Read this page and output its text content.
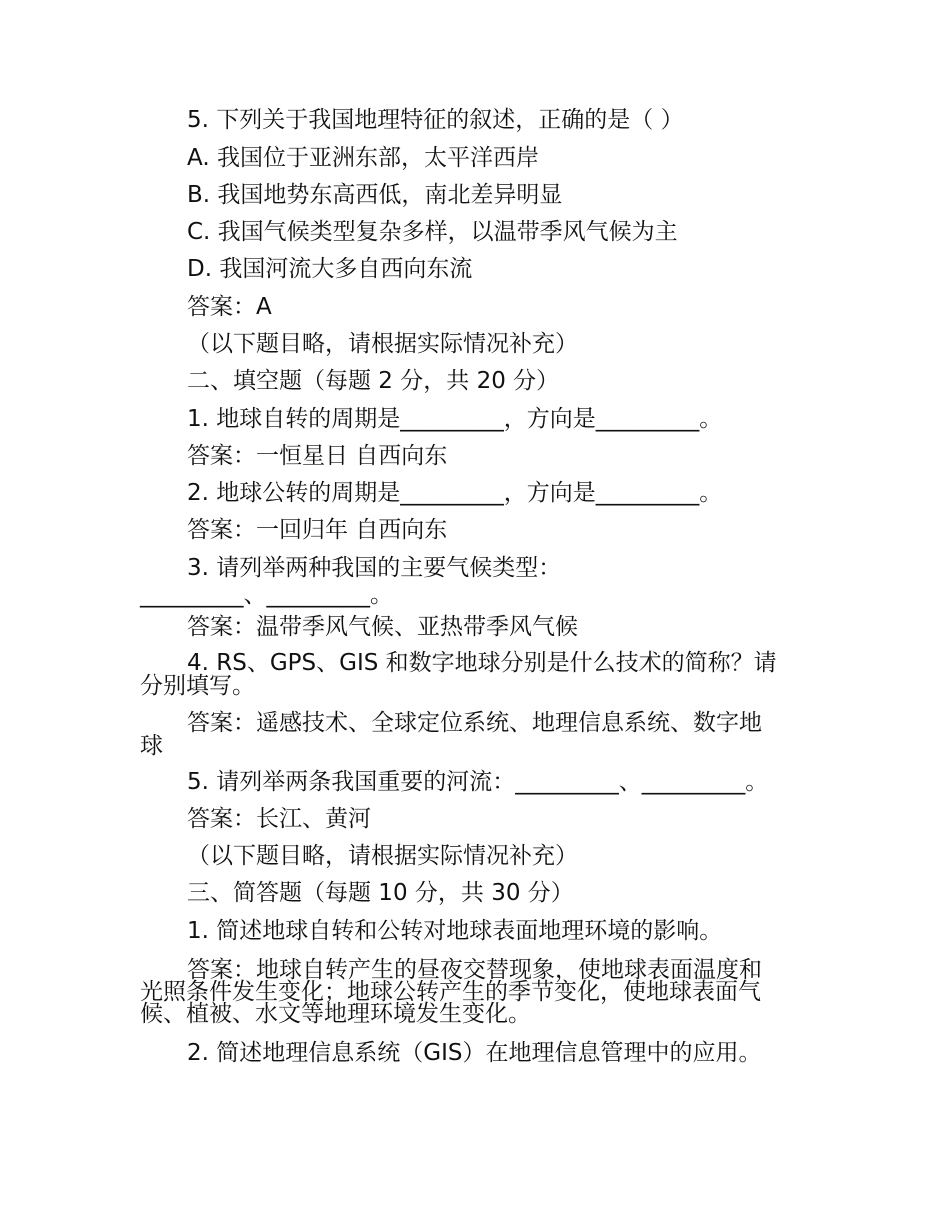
5. 下列关于我国地理特征的叙述，正确的是（ ）
A. 我国位于亚洲东部，太平洋西岸
B. 我国地势东高西低，南北差异明显
C. 我国气候类型复杂多样，以温带季风气候为主
D. 我国河流大多自西向东流
答案：A
（以下题目略，请根据实际情况补充）
二、填空题（每题 2 分，共 20 分）
1. 地球自转的周期是_________，方向是_________。
答案：一恒星日 自西向东
2. 地球公转的周期是_________，方向是_________。
答案：一回归年 自西向东
3. 请列举两种我国的主要气候类型：
_________、_________。
答案：温带季风气候、亚热带季风气候
4. RS、GPS、GIS 和数字地球分别是什么技术的简称？请
分别填写。
答案：遥感技术、全球定位系统、地理信息系统、数字地
球
5. 请列举两条我国重要的河流：_________、_________。
答案：长江、黄河
（以下题目略，请根据实际情况补充）
三、简答题（每题 10 分，共 30 分）
1. 简述地球自转和公转对地球表面地理环境的影响。
答案：地球自转产生的昼夜交替现象，使地球表面温度和
光照条件发生变化；地球公转产生的季节变化，使地球表面气
候、植被、水文等地理环境发生变化。
2. 简述地理信息系统（GIS）在地理信息管理中的应用。
